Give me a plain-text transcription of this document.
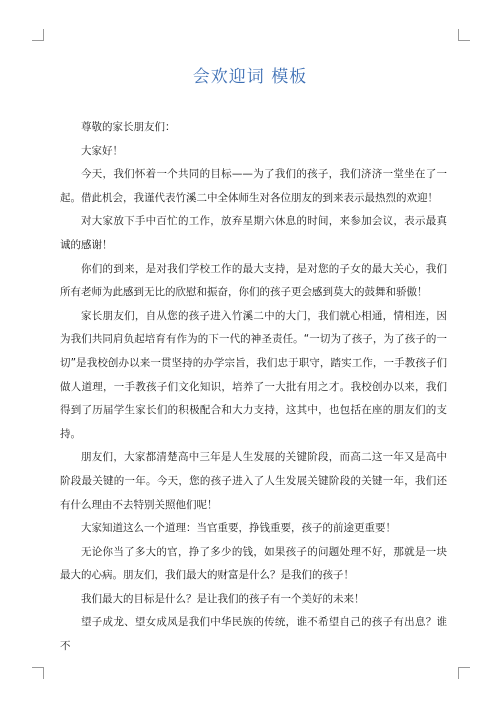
会欢迎词 模板

尊敬的家长朋友们：

大家好！

今天，我们怀着一个共同的目标——为了我们的孩子，我们济济一堂坐在了一起。借此机会，我谨代表竹溪二中全体师生对各位朋友的到来表示最热烈的欢迎！

对大家放下手中百忙的工作，放弃星期六休息的时间，来参加会议，表示最真诚的感谢！

你们的到来，是对我们学校工作的最大支持，是对您的子女的最大关心，我们所有老师为此感到无比的欣慰和振奋，你们的孩子更会感到莫大的鼓舞和骄傲！

家长朋友们，自从您的孩子进入竹溪二中的大门，我们就心相通，情相连，因为我们共同肩负起培育有作为的下一代的神圣责任。“一切为了孩子，为了孩子的一切”是我校创办以来一贯坚持的办学宗旨，我们忠于职守，踏实工作，一手教孩子们做人道理，一手教孩子们文化知识，培养了一大批有用之才。我校创办以来，我们得到了历届学生家长们的积极配合和大力支持，这其中，也包括在座的朋友们的支持。

朋友们，大家都清楚高中三年是人生发展的关键阶段，而高二这一年又是高中阶段最关键的一年。今天，您的孩子进入了人生发展关键阶段的关键一年，我们还有什么理由不去特别关照他们呢！

大家知道这么一个道理：当官重要，挣钱重要，孩子的前途更重要！

无论你当了多大的官，挣了多少的钱，如果孩子的问题处理不好，那就是一块最大的心病。朋友们，我们最大的财富是什么？是我们的孩子！

我们最大的目标是什么？是让我们的孩子有一个美好的未来！

望子成龙、望女成凤是我们中华民族的传统，谁不希望自己的孩子有出息？谁不
